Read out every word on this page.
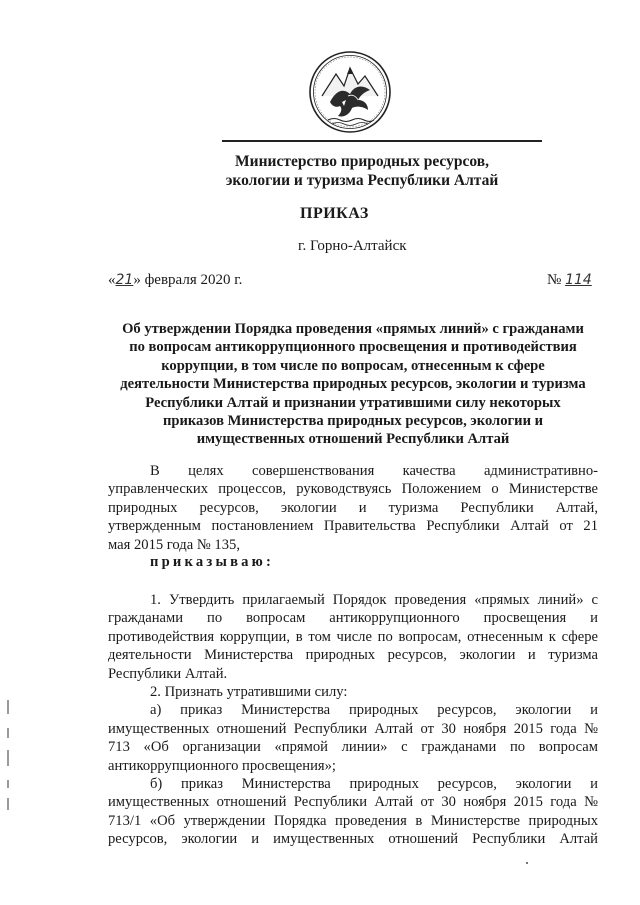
Министерство природных ресурсов,
экологии и туризма Республики Алтай
ПРИКАЗ
г. Горно-Алтайск
«21» февраля 2020 г.	№ 114
Об утверждении Порядка проведения «прямых линий» с гражданами
по вопросам антикоррупционного просвещения и противодействия
коррупции, в том числе по вопросам, отнесенным к сфере
деятельности Министерства природных ресурсов, экологии и туризма
Республики Алтай и признании утратившими силу некоторых
приказов Министерства природных ресурсов, экологии и
имущественных отношений Республики Алтай
В целях совершенствования качества административно-
управленческих процессов, руководствуясь Положением о Министерстве
природных ресурсов, экологии и туризма Республики Алтай,
утвержденным постановлением Правительства Республики Алтай от 21
мая 2015 года № 135,
приказываю:
1. Утвердить прилагаемый Порядок проведения «прямых линий» с
гражданами по вопросам антикоррупционного просвещения и
противодействия коррупции, в том числе по вопросам, отнесенным к сфере
деятельности Министерства природных ресурсов, экологии и туризма
Республики Алтай.
2. Признать утратившими силу:
а) приказ Министерства природных ресурсов, экологии и
имущественных отношений Республики Алтай от 30 ноября 2015 года №
713 «Об организации «прямой линии» с гражданами по вопросам
антикоррупционного просвещения»;
б) приказ Министерства природных ресурсов, экологии и
имущественных отношений Республики Алтай от 30 ноября 2015 года №
713/1 «Об утверждении Порядка проведения в Министерстве природных
ресурсов, экологии и имущественных отношений Республики Алтай
